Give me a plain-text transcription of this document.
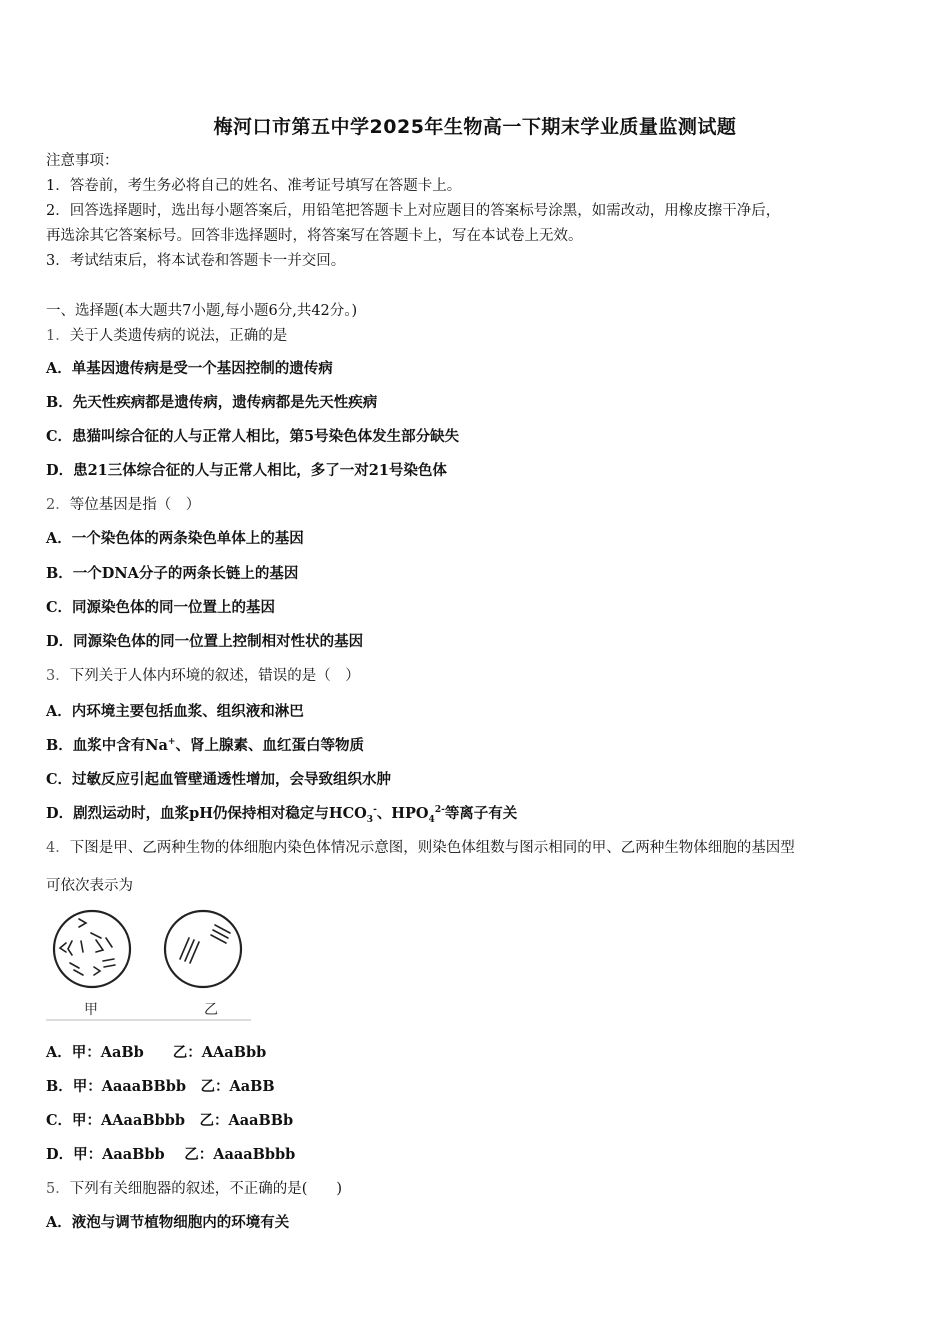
梅河口市第五中学2025年生物高一下期末学业质量监测试题
注意事项：
1．答卷前，考生务必将自己的姓名、准考证号填写在答题卡上。
2．回答选择题时，选出每小题答案后，用铅笔把答题卡上对应题目的答案标号涂黑，如需改动，用橡皮擦干净后，
再选涂其它答案标号。回答非选择题时，将答案写在答题卡上，写在本试卷上无效。
3．考试结束后，将本试卷和答题卡一并交回。
一、选择题(本大题共7小题,每小题6分,共42分。)
1．关于人类遗传病的说法，正确的是
A．单基因遗传病是受一个基因控制的遗传病
B．先天性疾病都是遗传病，遗传病都是先天性疾病
C．患猫叫综合征的人与正常人相比，第5号染色体发生部分缺失
D．患21三体综合征的人与正常人相比，多了一对21号染色体
2．等位基因是指（　）
A．一个染色体的两条染色单体上的基因
B．一个DNA分子的两条长链上的基因
C．同源染色体的同一位置上的基因
D．同源染色体的同一位置上控制相对性状的基因
3．下列关于人体内环境的叙述，错误的是（　）
A．内环境主要包括血浆、组织液和淋巴
B．血浆中含有Na+、肾上腺素、血红蛋白等物质
C．过敏反应引起血管壁通透性增加，会导致组织水肿
D．剧烈运动时，血浆pH仍保持相对稳定与$HCO_3^-$、$HPO_4^{2-}$等离子有关
4．下图是甲、乙两种生物的体细胞内染色体情况示意图，则染色体组数与图示相同的甲、乙两种生物体细胞的基因型
可依次表示为
甲	乙
A．甲：AaBb　　乙：AAaBbb
B．甲：AaaaBBbb　乙：AaBB
C．甲：AAaaBbbb　乙：AaaBBb
D．甲：AaaBbb　 乙：AaaaBbbb
5．下列有关细胞器的叙述，不正确的是(　　)
A．液泡与调节植物细胞内的环境有关
